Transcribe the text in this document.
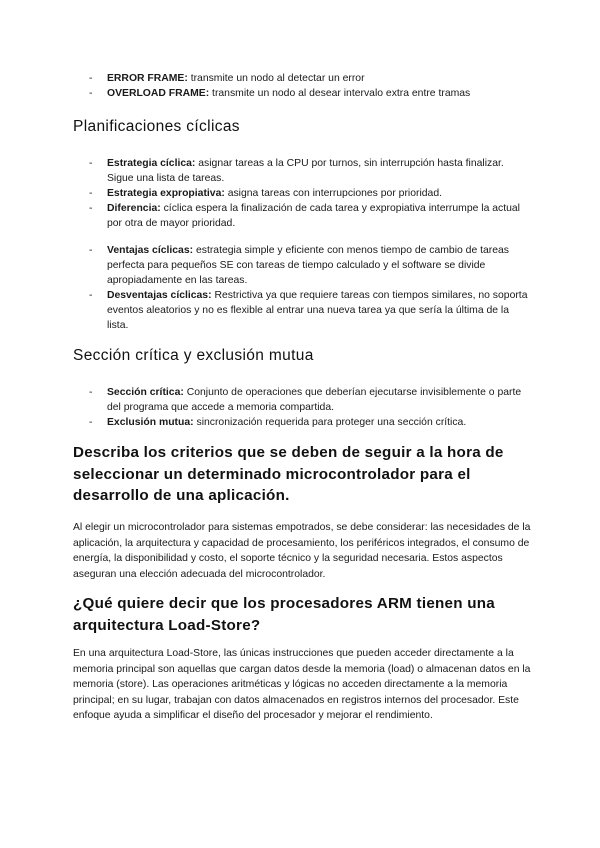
- ERROR FRAME: transmite un nodo al detectar un error
- OVERLOAD FRAME: transmite un nodo al desear intervalo extra entre tramas
Planificaciones cíclicas
- Estrategia cíclica: asignar tareas a la CPU por turnos, sin interrupción hasta finalizar. Sigue una lista de tareas.
- Estrategia expropiativa: asigna tareas con interrupciones por prioridad.
- Diferencia: cíclica espera la finalización de cada tarea y expropiativa interrumpe la actual por otra de mayor prioridad.
- Ventajas cíclicas: estrategia simple y eficiente con menos tiempo de cambio de tareas perfecta para pequeños SE con tareas de tiempo calculado y el software se divide apropiadamente en las tareas.
- Desventajas cíclicas: Restrictiva ya que requiere tareas con tiempos similares, no soporta eventos aleatorios y no es flexible al entrar una nueva tarea ya que sería la última de la lista.
Sección crítica y exclusión mutua
- Sección crítica: Conjunto de operaciones que deberían ejecutarse invisiblemente o parte del programa que accede a memoria compartida.
- Exclusión mutua: sincronización requerida para proteger una sección crítica.
Describa los criterios que se deben de seguir a la hora de seleccionar un determinado microcontrolador para el desarrollo de una aplicación.

Al elegir un microcontrolador para sistemas empotrados, se debe considerar: las necesidades de la aplicación, la arquitectura y capacidad de procesamiento, los periféricos integrados, el consumo de energía, la disponibilidad y costo, el soporte técnico y la seguridad necesaria. Estos aspectos aseguran una elección adecuada del microcontrolador.

¿Qué quiere decir que los procesadores ARM tienen una arquitectura Load-Store?

En una arquitectura Load-Store, las únicas instrucciones que pueden acceder directamente a la memoria principal son aquellas que cargan datos desde la memoria (load) o almacenan datos en la memoria (store). Las operaciones aritméticas y lógicas no acceden directamente a la memoria principal; en su lugar, trabajan con datos almacenados en registros internos del procesador. Este enfoque ayuda a simplificar el diseño del procesador y mejorar el rendimiento.
